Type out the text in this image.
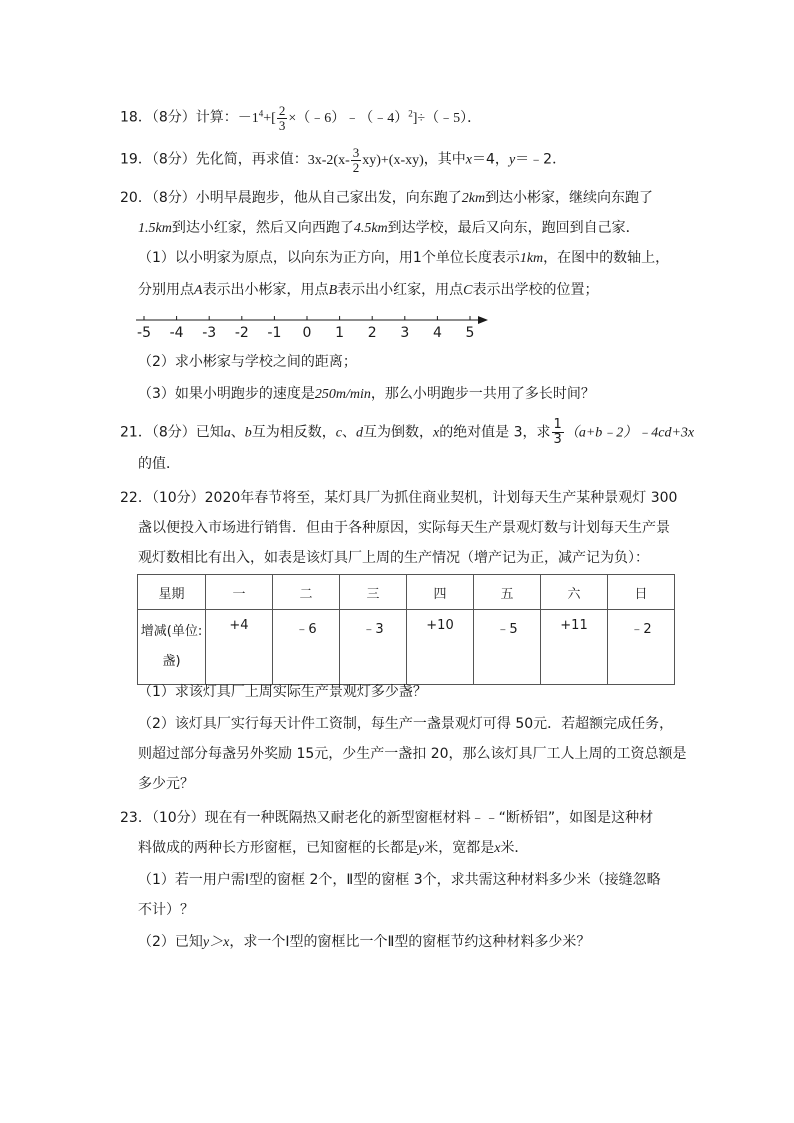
18．（8分）计算：$-1^4+[ \frac{2}{3}$ ×（﹣6）﹣（﹣4）$^2$]÷（﹣5）．
19．（8分）先化简，再求值：$3x-2(x- \frac{3}{2} xy)+(x-xy)$，其中x＝4，y＝﹣2．
20．（8分）小明早晨跑步，他从自己家出发，向东跑了2km到达小彬家，继续向东跑了
1.5km到达小红家，然后又向西跑了4.5km到达学校，最后又向东，跑回到自己家．
（1）以小明家为原点，以向东为正方向，用1个单位长度表示1km，在图中的数轴上，
分别用点A表示出小彬家，用点B表示出小红家，用点C表示出学校的位置；
-5 -4 -3 -2 -1 0 1 2 3 4 5
（2）求小彬家与学校之间的距离；
（3）如果小明跑步的速度是250m/min，那么小明跑步一共用了多长时间？
21．（8分）已知a、b互为相反数，c、d互为倒数，x的绝对值是 3，求 $\frac{1}{3}$ （a+b﹣2）﹣4cd+3x
的值．
22．（10分）2020年春节将至，某灯具厂为抓住商业契机，计划每天生产某种景观灯 300
盏以便投入市场进行销售．但由于各种原因，实际每天生产景观灯数与计划每天生产景
观灯数相比有出入，如表是该灯具厂上周的生产情况（增产记为正，减产记为负）：
星期	一	二	三	四	五	六	日
增减(单位:
盏)	+4	﹣6	﹣3	+10	﹣5	+11	﹣2
（1）求该灯具厂上周实际生产景观灯多少盏？
（2）该灯具厂实行每天计件工资制，每生产一盏景观灯可得 50元．若超额完成任务，
则超过部分每盏另外奖励 15元，少生产一盏扣 20，那么该灯具厂工人上周的工资总额是
多少元？
23．（10分）现在有一种既隔热又耐老化的新型窗框材料﹣﹣“断桥铝”，如图是这种材
料做成的两种长方形窗框，已知窗框的长都是y米，宽都是x米．
（1）若一用户需Ⅰ型的窗框 2个，Ⅱ型的窗框 3个，求共需这种材料多少米（接缝忽略
不计）？
（2）已知y＞x，求一个Ⅰ型的窗框比一个Ⅱ型的窗框节约这种材料多少米？
